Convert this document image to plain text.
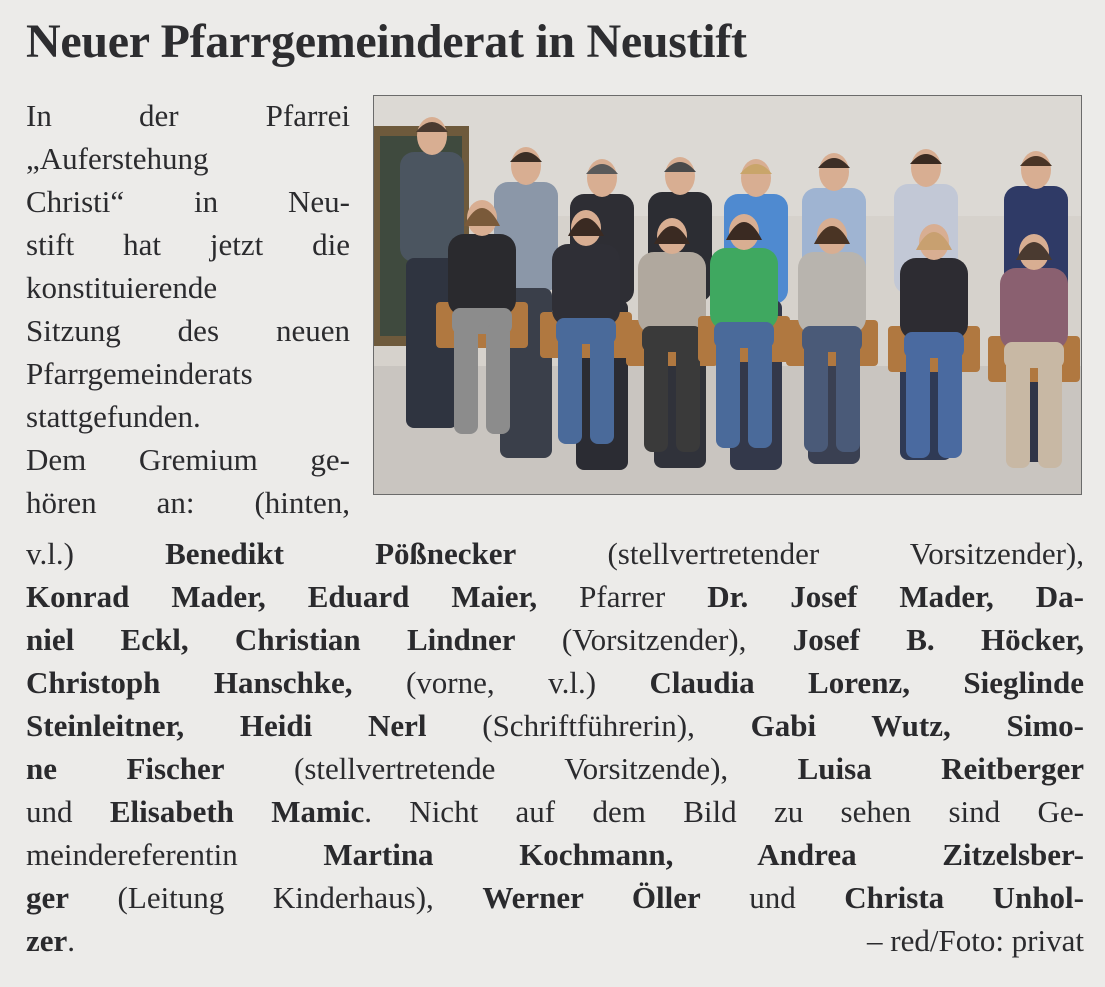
Neuer Pfarrgemeinderat in Neustift
In der Pfarrei
„Auferstehung
Christi“ in Neu-
stift hat jetzt die
konstituierende
Sitzung des neuen
Pfarrgemeinderats
stattgefunden.
Dem Gremium ge-
hören an: (hinten,
v.l.) Benedikt Pößnecker (stellvertretender Vorsitzender),
Konrad Mader, Eduard Maier, Pfarrer Dr. Josef Mader, Da-
niel Eckl, Christian Lindner (Vorsitzender), Josef B. Höcker,
Christoph Hanschke, (vorne, v.l.) Claudia Lorenz, Sieglinde
Steinleitner, Heidi Nerl (Schriftführerin), Gabi Wutz, Simo-
ne Fischer (stellvertretende Vorsitzende), Luisa Reitberger
und Elisabeth Mamic. Nicht auf dem Bild zu sehen sind Ge-
meindereferentin Martina Kochmann, Andrea Zitzelsber-
ger (Leitung Kinderhaus), Werner Öller und Christa Unhol-
zer.	– red/Foto: privat
